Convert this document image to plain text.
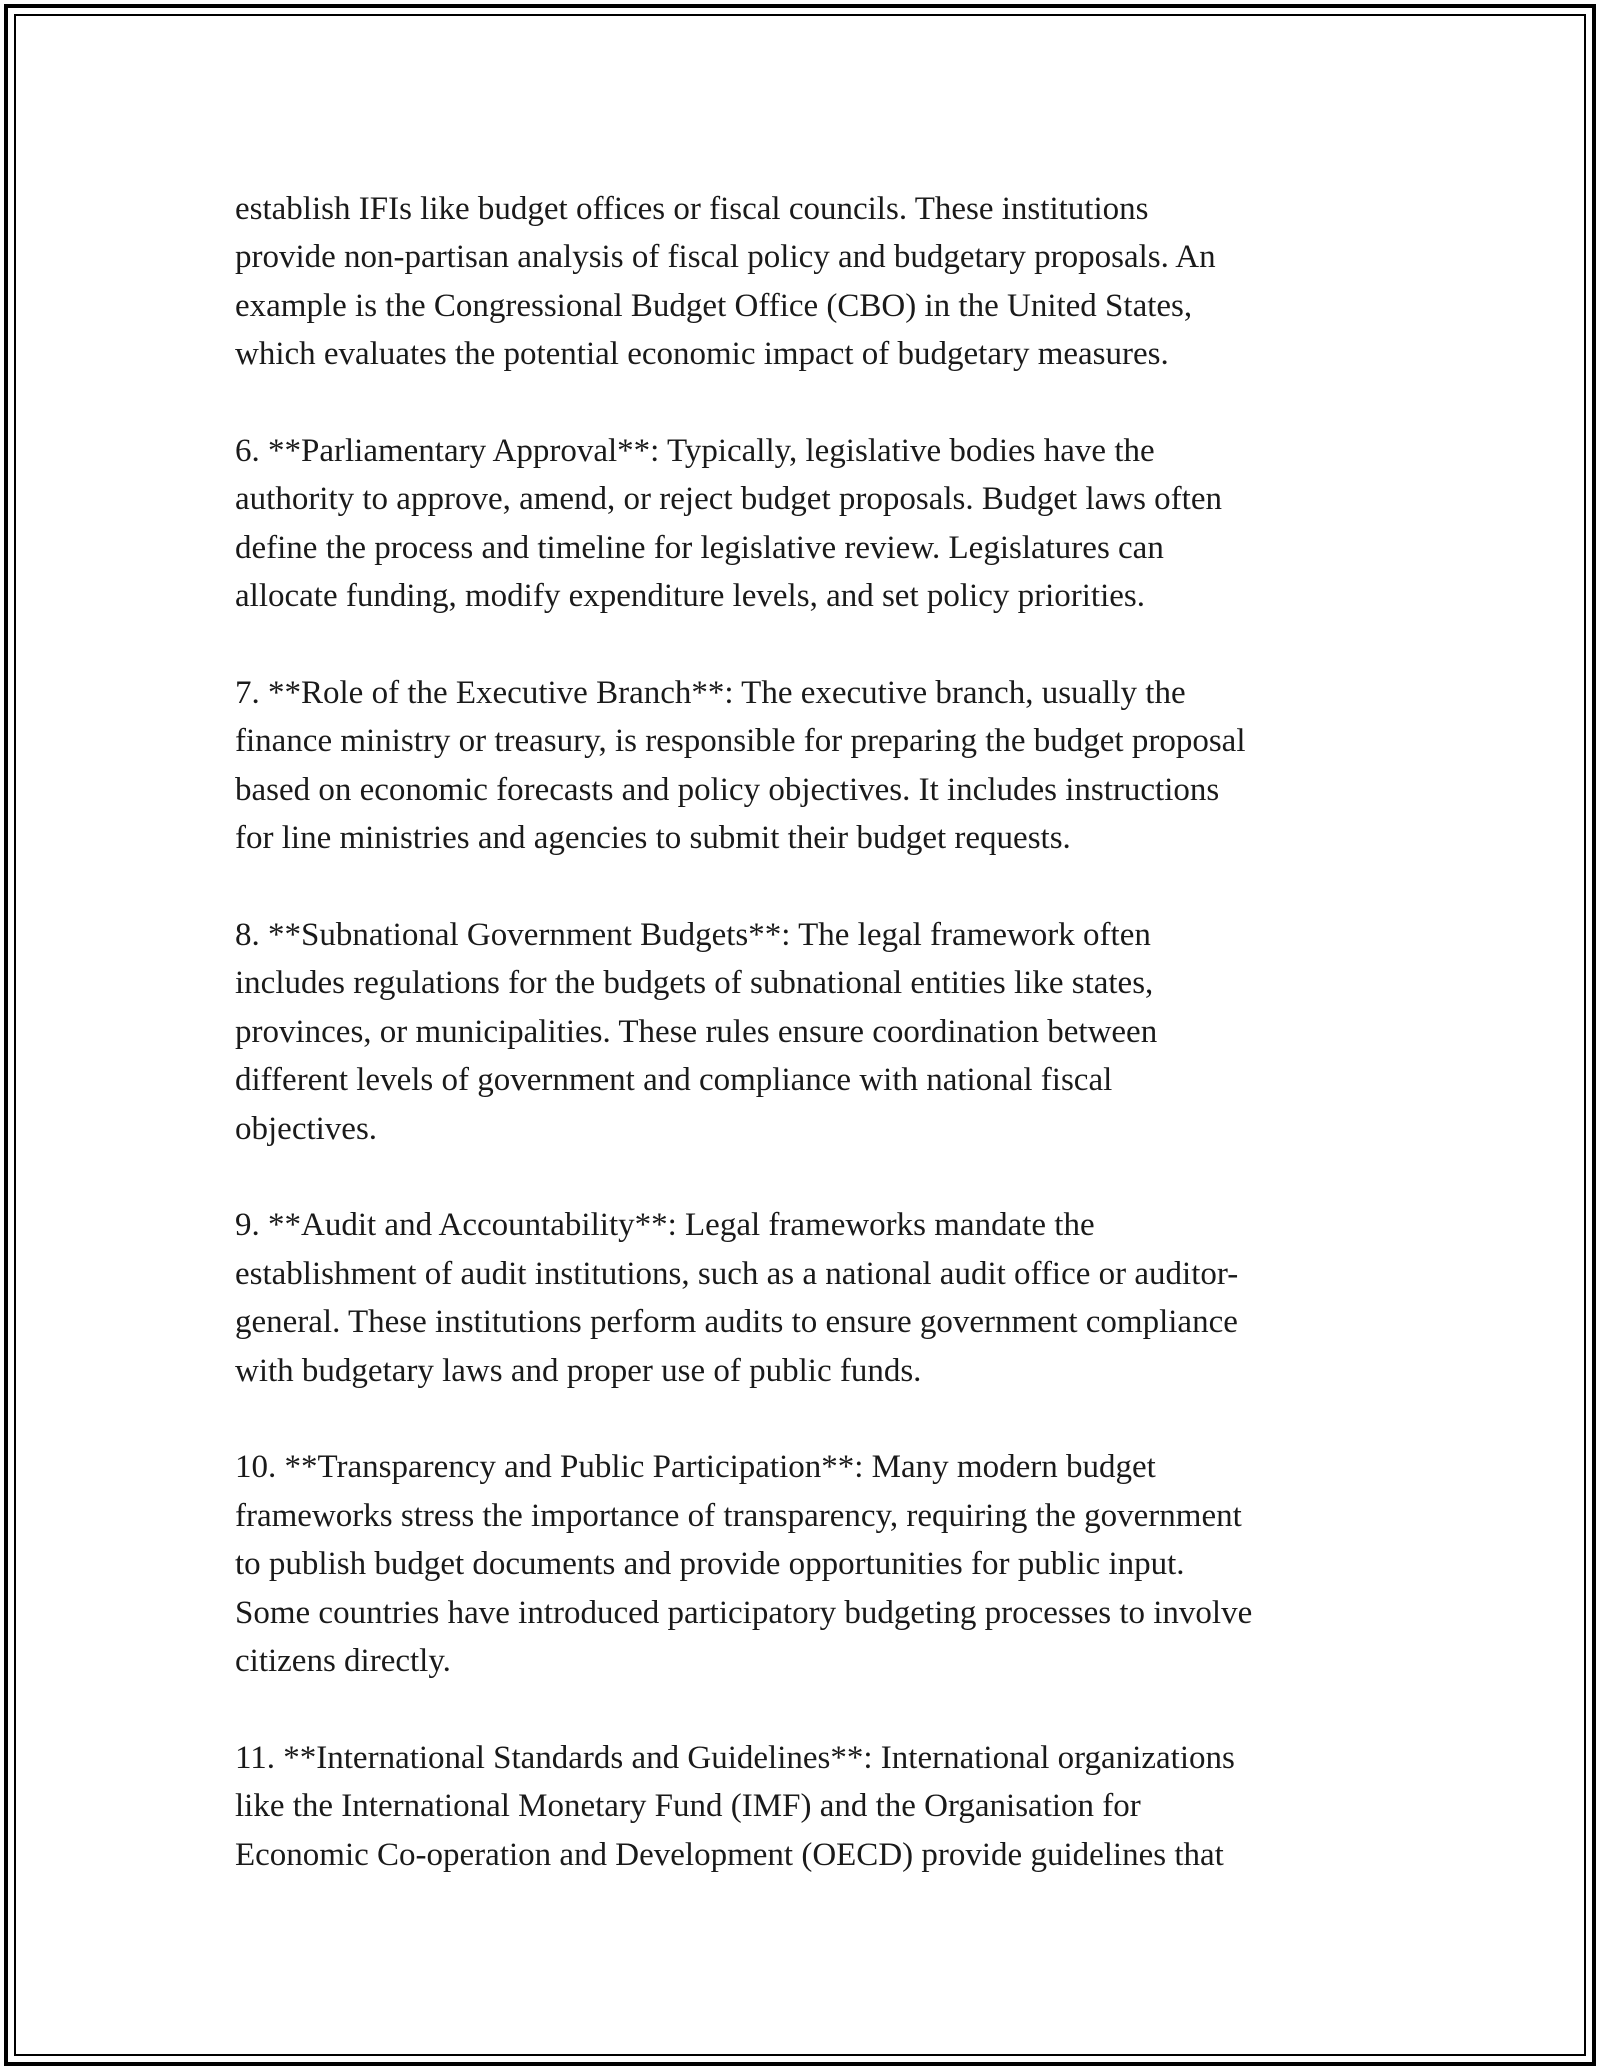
establish IFIs like budget offices or fiscal councils. These institutions
provide non-partisan analysis of fiscal policy and budgetary proposals. An
example is the Congressional Budget Office (CBO) in the United States,
which evaluates the potential economic impact of budgetary measures.

6. **Parliamentary Approval**: Typically, legislative bodies have the
authority to approve, amend, or reject budget proposals. Budget laws often
define the process and timeline for legislative review. Legislatures can
allocate funding, modify expenditure levels, and set policy priorities.

7. **Role of the Executive Branch**: The executive branch, usually the
finance ministry or treasury, is responsible for preparing the budget proposal
based on economic forecasts and policy objectives. It includes instructions
for line ministries and agencies to submit their budget requests.

8. **Subnational Government Budgets**: The legal framework often
includes regulations for the budgets of subnational entities like states,
provinces, or municipalities. These rules ensure coordination between
different levels of government and compliance with national fiscal
objectives.

9. **Audit and Accountability**: Legal frameworks mandate the
establishment of audit institutions, such as a national audit office or auditor-
general. These institutions perform audits to ensure government compliance
with budgetary laws and proper use of public funds.

10. **Transparency and Public Participation**: Many modern budget
frameworks stress the importance of transparency, requiring the government
to publish budget documents and provide opportunities for public input.
Some countries have introduced participatory budgeting processes to involve
citizens directly.

11. **International Standards and Guidelines**: International organizations
like the International Monetary Fund (IMF) and the Organisation for
Economic Co-operation and Development (OECD) provide guidelines that
